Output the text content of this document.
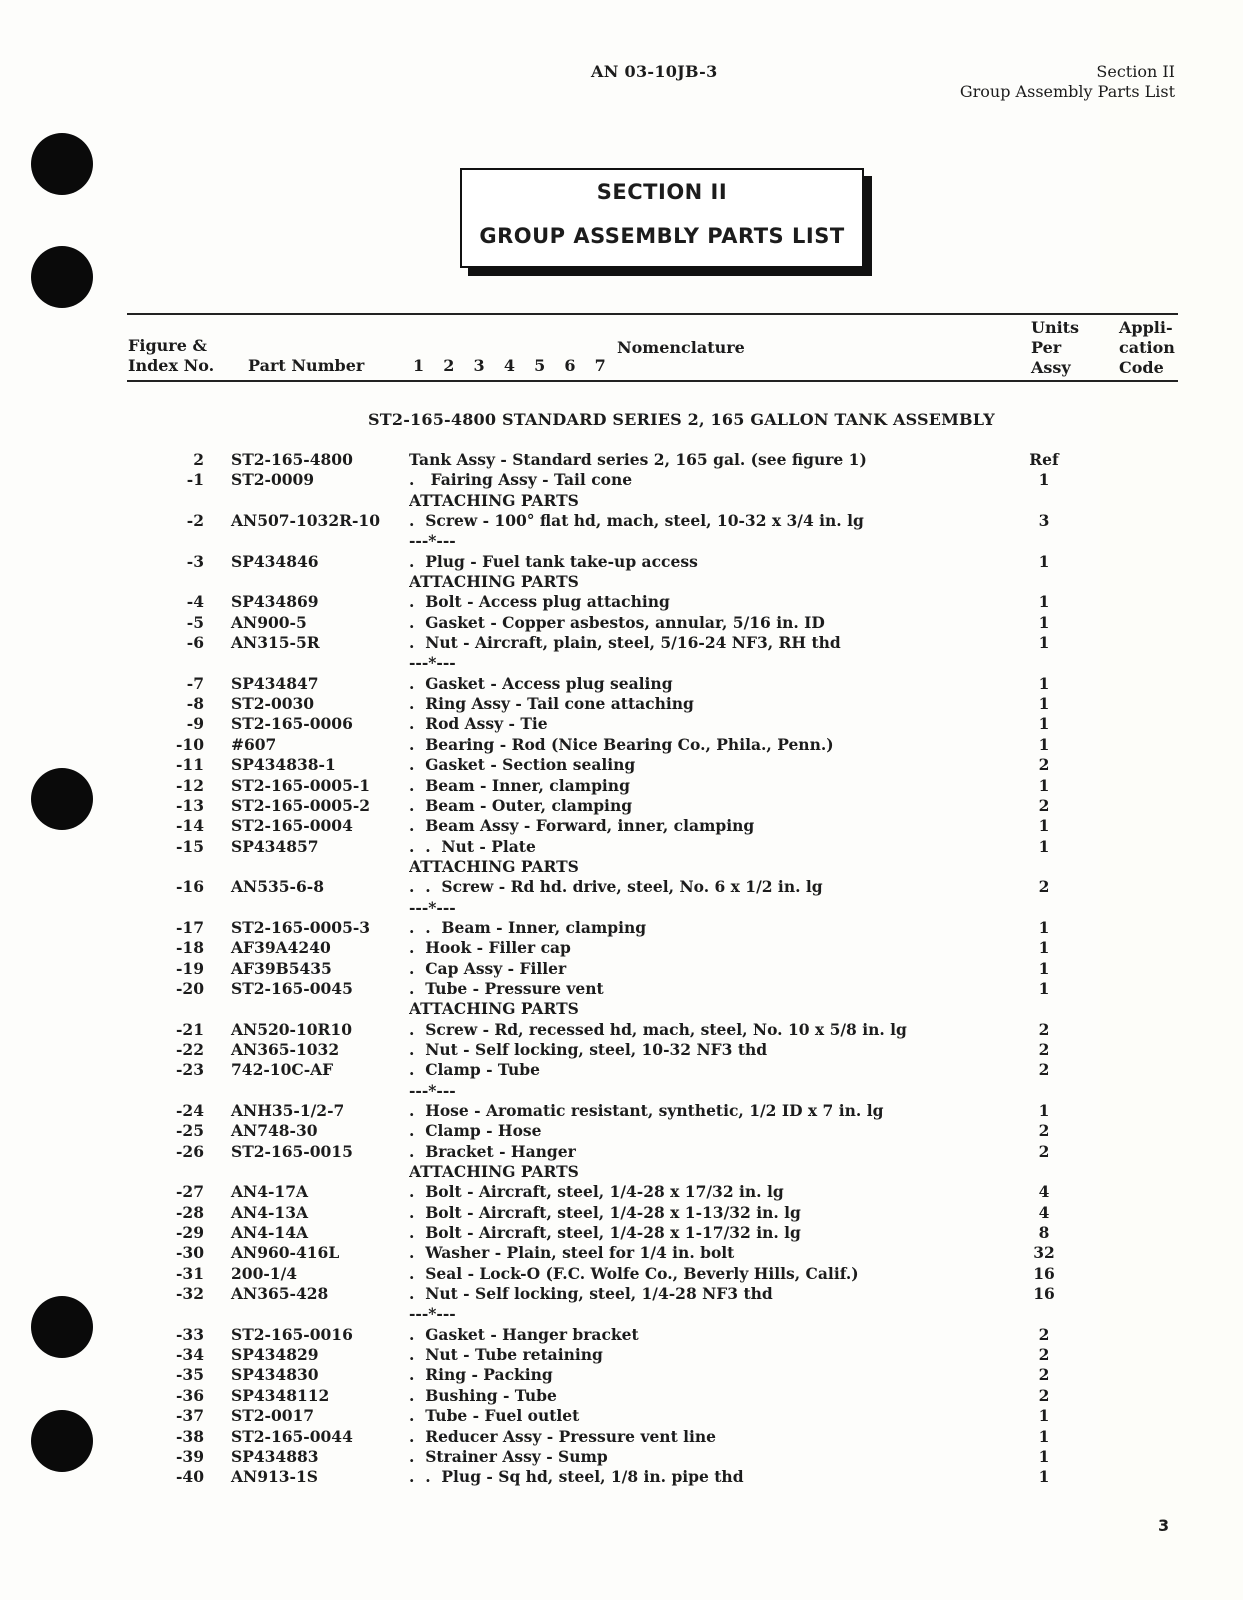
AN 03-10JB-3	Section II
Group Assembly Parts List
SECTION II
GROUP ASSEMBLY PARTS LIST
Figure &
Index No. Part Number	1  2  3  4  5  6  7
Nomenclature
Units
Per
Assy
Appli-
cation
Code
ST2-165-4800 STANDARD SERIES 2, 165 GALLON TANK ASSEMBLY
2 ST2-165-4800	Tank Assy - Standard series 2, 165 gal. (see figure 1) . . .	Ref
-1 ST2-0009	.   Fairing Assy - Tail cone . . .	1
ATTACHING PARTS
-2 AN507-1032R-10 .  Screw - 100° flat hd, mach, steel, 10-32 x 3/4 in. lg . . .	3
---*---
-3 SP434846	.  Plug - Fuel tank take-up access . . .	1
ATTACHING PARTS
-4 SP434869	.  Bolt - Access plug attaching . . .	1
-5 AN900-5	.  Gasket - Copper asbestos, annular, 5/16 in. ID . . .	1
-6 AN315-5R	.  Nut - Aircraft, plain, steel, 5/16-24 NF3, RH thd . . .	1
---*---
-7 SP434847	.  Gasket - Access plug sealing . . .	1
-8 ST2-0030	.  Ring Assy - Tail cone attaching . . .	1
-9 ST2-165-0006	.  Rod Assy - Tie . . .	1
-10 #607	.  Bearing - Rod (Nice Bearing Co., Phila., Penn.) . . .	1
-11 SP434838-1	.  Gasket - Section sealing . . .	2
-12 ST2-165-0005-1	.  Beam - Inner, clamping . . .	1
-13 ST2-165-0005-2	.  Beam - Outer, clamping . . .	2
-14 ST2-165-0004	.  Beam Assy - Forward, inner, clamping . . .	1
-15 SP434857	.  .  Nut - Plate . . .	1
ATTACHING PARTS
-16 AN535-6-8	.  .  Screw - Rd hd. drive, steel, No. 6 x 1/2 in. lg . . .	2
---*---
-17 ST2-165-0005-3	.  .  Beam - Inner, clamping . . .	1
-18 AF39A4240	.  Hook - Filler cap . . .	1
-19 AF39B5435	.  Cap Assy - Filler . . .	1
-20 ST2-165-0045	.  Tube - Pressure vent . . .	1
ATTACHING PARTS
-21 AN520-10R10	.  Screw - Rd, recessed hd, mach, steel, No. 10 x 5/8 in. lg . . .	2
-22 AN365-1032	.  Nut - Self locking, steel, 10-32 NF3 thd . . .	2
-23 742-10C-AF	.  Clamp - Tube . . .	2
---*---
-24 ANH35-1/2-7	.  Hose - Aromatic resistant, synthetic, 1/2 ID x 7 in. lg . . .	1
-25 AN748-30	.  Clamp - Hose . . .	2
-26 ST2-165-0015	.  Bracket - Hanger . . .	2
ATTACHING PARTS
-27 AN4-17A	.  Bolt - Aircraft, steel, 1/4-28 x 17/32 in. lg . . .	4
-28 AN4-13A	.  Bolt - Aircraft, steel, 1/4-28 x 1-13/32 in. lg . . .	4
-29 AN4-14A	.  Bolt - Aircraft, steel, 1/4-28 x 1-17/32 in. lg . . .	8
-30 AN960-416L	.  Washer - Plain, steel for 1/4 in. bolt . . .	32
-31 200-1/4	.  Seal - Lock-O (F.C. Wolfe Co., Beverly Hills, Calif.) . . .	16
-32 AN365-428	.  Nut - Self locking, steel, 1/4-28 NF3 thd . . .	16
---*---
-33 ST2-165-0016	.  Gasket - Hanger bracket . . .	2
-34 SP434829	.  Nut - Tube retaining . . .	2
-35 SP434830	.  Ring - Packing . . .	2
-36 SP4348112	.  Bushing - Tube . . .	2
-37 ST2-0017	.  Tube - Fuel outlet . . .	1
-38 ST2-165-0044	.  Reducer Assy - Pressure vent line . . .	1
-39 SP434883	.  Strainer Assy - Sump . . .	1
-40 AN913-1S	.  .  Plug - Sq hd, steel, 1/8 in. pipe thd . . .	1
3
